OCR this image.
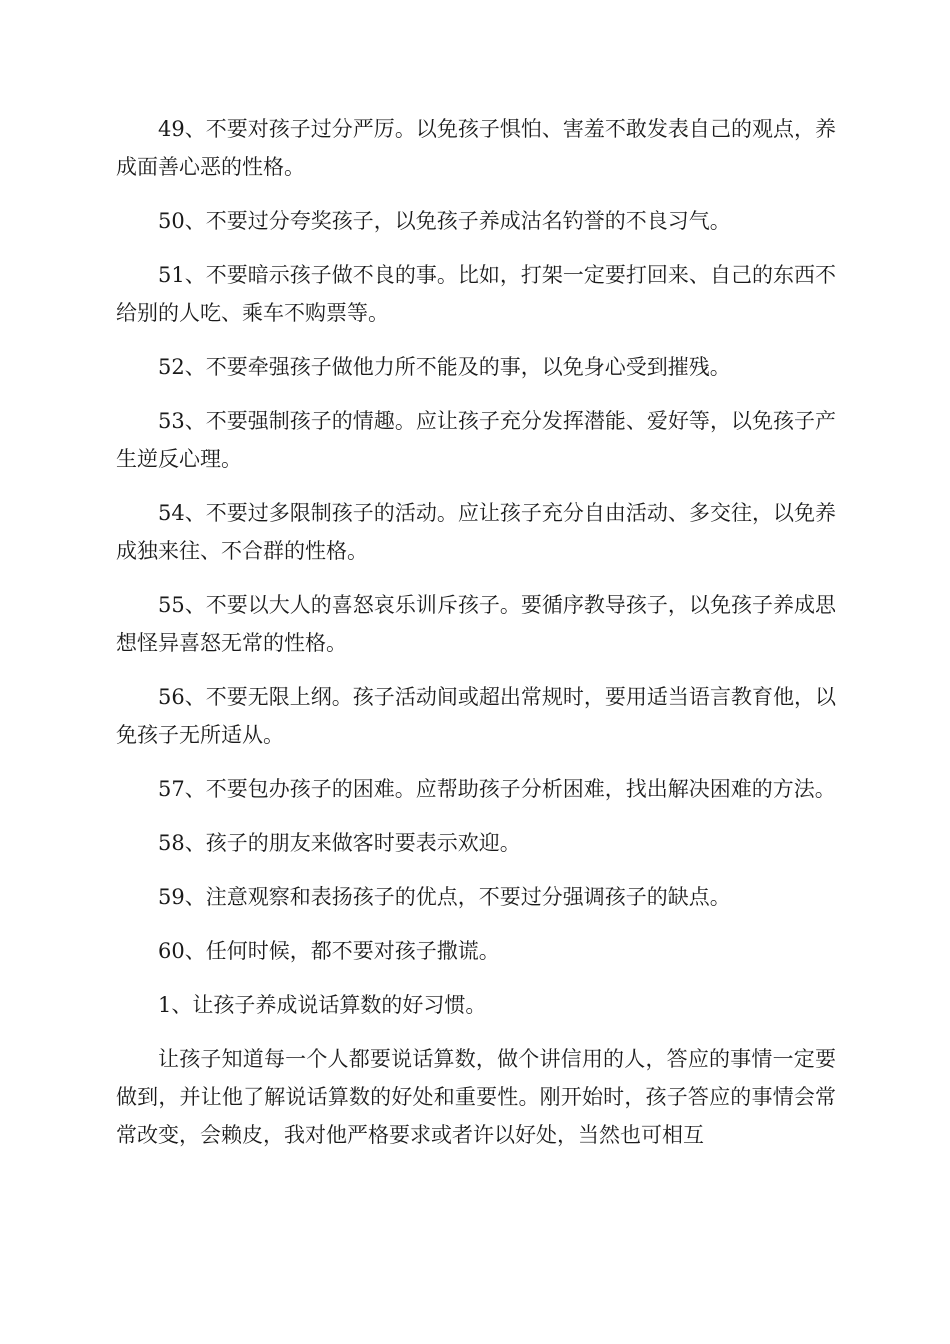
49、不要对孩子过分严厉。以免孩子惧怕、害羞不敢发表自己的观点，养成面善心恶的性格。

50、不要过分夸奖孩子，以免孩子养成沽名钓誉的不良习气。

51、不要暗示孩子做不良的事。比如，打架一定要打回来、自己的东西不给别的人吃、乘车不购票等。

52、不要牵强孩子做他力所不能及的事，以免身心受到摧残。

53、不要强制孩子的情趣。应让孩子充分发挥潜能、爱好等，以免孩子产生逆反心理。

54、不要过多限制孩子的活动。应让孩子充分自由活动、多交往，以免养成独来往、不合群的性格。

55、不要以大人的喜怒哀乐训斥孩子。要循序教导孩子，以免孩子养成思想怪异喜怒无常的性格。

56、不要无限上纲。孩子活动间或超出常规时，要用适当语言教育他，以免孩子无所适从。

57、不要包办孩子的困难。应帮助孩子分析困难，找出解决困难的方法。

58、孩子的朋友来做客时要表示欢迎。

59、注意观察和表扬孩子的优点，不要过分强调孩子的缺点。

60、任何时候，都不要对孩子撒谎。

1、让孩子养成说话算数的好习惯。

让孩子知道每一个人都要说话算数，做个讲信用的人，答应的事情一定要做到，并让他了解说话算数的好处和重要性。刚开始时，孩子答应的事情会常常改变，会赖皮，我对他严格要求或者许以好处，当然也可相互
